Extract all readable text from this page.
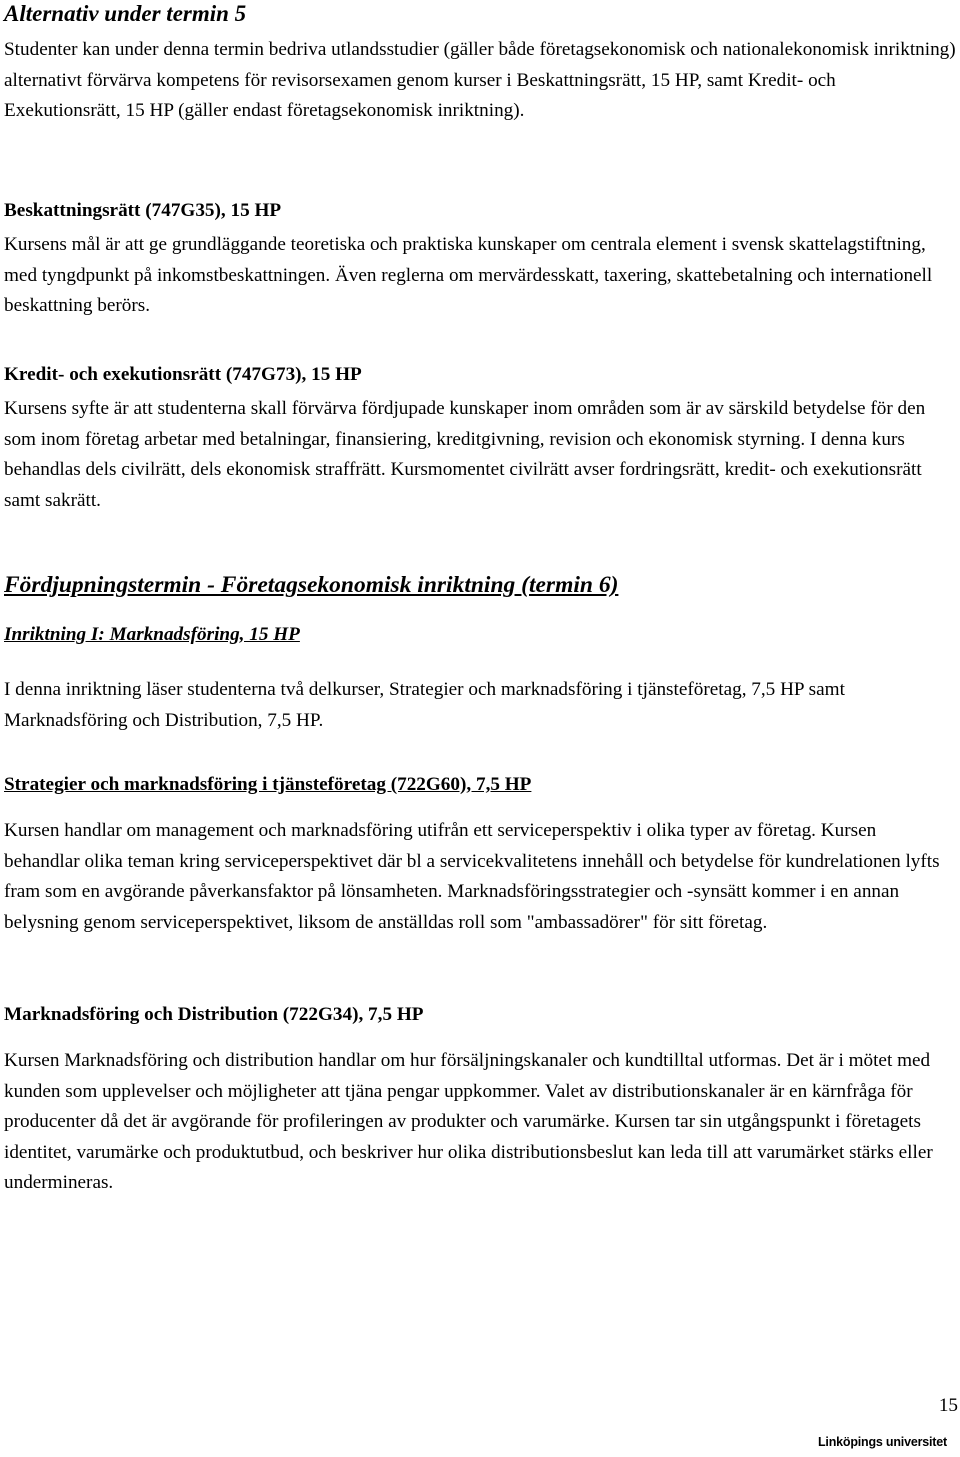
Alternativ under termin 5

Studenter kan under denna termin bedriva utlandsstudier (gäller både företagsekonomisk och nationalekonomisk inriktning) alternativt förvärva kompetens för revisorsexamen genom kurser i Beskattningsrätt, 15 HP, samt Kredit- och Exekutionsrätt, 15 HP (gäller endast företagsekonomisk inriktning).

Beskattningsrätt (747G35), 15 HP

Kursens mål är att ge grundläggande teoretiska och praktiska kunskaper om centrala element i svensk skattelagstiftning, med tyngdpunkt på inkomstbeskattningen. Även reglerna om mervärdesskatt, taxering, skattebetalning och internationell beskattning berörs.

Kredit- och exekutionsrätt (747G73), 15 HP

Kursens syfte är att studenterna skall förvärva fördjupade kunskaper inom områden som är av särskild betydelse för den som inom företag arbetar med betalningar, finansiering, kreditgivning, revision och ekonomisk styrning. I denna kurs behandlas dels civilrätt, dels ekonomisk straffrätt. Kursmomentet civilrätt avser fordringsrätt, kredit- och exekutionsrätt samt sakrätt.

Fördjupningstermin - Företagsekonomisk inriktning (termin 6)
Inriktning I: Marknadsföring, 15 HP

I denna inriktning läser studenterna två delkurser, Strategier och marknadsföring i tjänsteföretag, 7,5 HP samt Marknadsföring och Distribution, 7,5 HP.

Strategier och marknadsföring i tjänsteföretag (722G60), 7,5 HP

Kursen handlar om management och marknadsföring utifrån ett serviceperspektiv i olika typer av företag. Kursen behandlar olika teman kring serviceperspektivet där bl a servicekvalitetens innehåll och betydelse för kundrelationen lyfts fram som en avgörande påverkansfaktor på lönsamheten. Marknadsföringsstrategier och -synsätt kommer i en annan belysning genom serviceperspektivet, liksom de anställdas roll som "ambassadörer" för sitt företag.

Marknadsföring och Distribution (722G34), 7,5 HP

Kursen Marknadsföring och distribution handlar om hur försäljningskanaler och kundtilltal utformas. Det är i mötet med kunden som upplevelser och möjligheter att tjäna pengar uppkommer. Valet av distributionskanaler är en kärnfråga för producenter då det är avgörande för profileringen av produkter och varumärke. Kursen tar sin utgångspunkt i företagets identitet, varumärke och produktutbud, och beskriver hur olika distributionsbeslut kan leda till att varumärket stärks eller undermineras.

15
Linköpings universitet
